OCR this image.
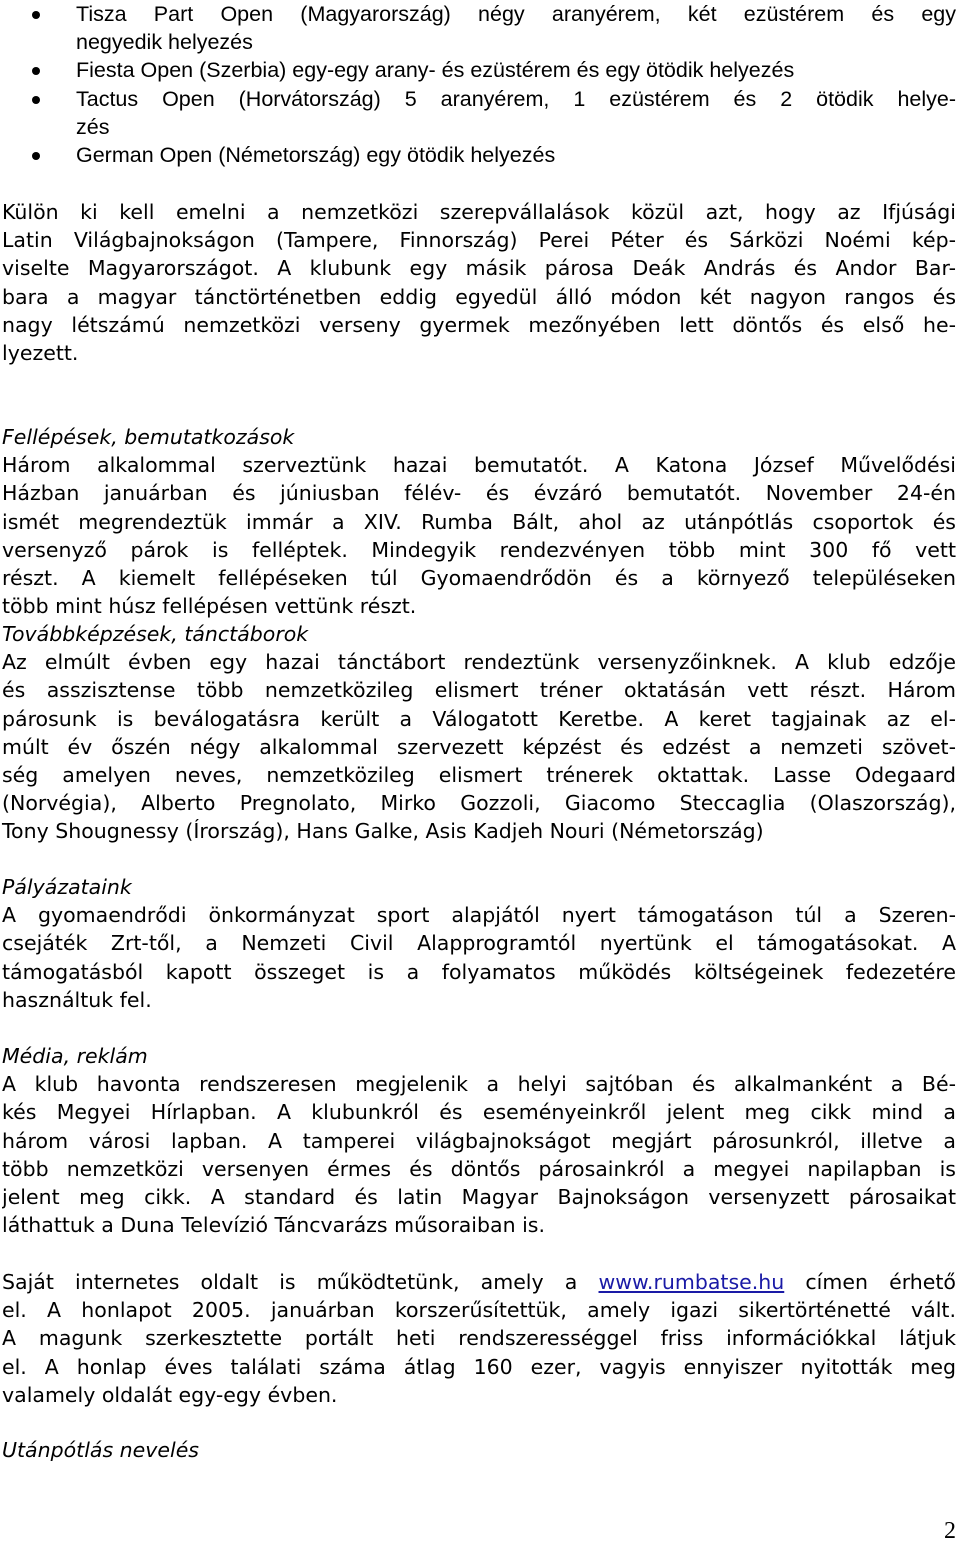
Tisza Part Open (Magyarország) négy aranyérem, két ezüstérem és egy
negyedik helyezés
Fiesta Open (Szerbia) egy-egy arany- és ezüstérem és egy ötödik helyezés
Tactus Open (Horvátország) 5 aranyérem, 1 ezüstérem és 2 ötödik helye-
zés
German Open (Németország) egy ötödik helyezés
Külön ki kell emelni a nemzetközi szerepvállalások közül azt, hogy az Ifjúsági
Latin Világbajnokságon (Tampere, Finnország) Perei Péter és Sárközi Noémi kép-
viselte Magyarországot. A klubunk egy másik párosa Deák András és Andor Bar-
bara a magyar tánctörténetben eddig egyedül álló módon két nagyon rangos és
nagy létszámú nemzetközi verseny gyermek mezőnyében lett döntős és első he-
lyezett.
Fellépések, bemutatkozások
Három alkalommal szerveztünk hazai bemutatót. A Katona József Művelődési
Házban januárban és júniusban félév- és évzáró bemutatót. November 24-én
ismét megrendeztük immár a XIV. Rumba Bált, ahol az utánpótlás csoportok és
versenyző párok is felléptek. Mindegyik rendezvényen több mint 300 fő vett
részt. A kiemelt fellépéseken túl Gyomaendrődön és a környező településeken
több mint húsz fellépésen vettünk részt.
Továbbképzések, tánctáborok
Az elmúlt évben egy hazai tánctábort rendeztünk versenyzőinknek. A klub edzője
és asszisztense több nemzetközileg elismert tréner oktatásán vett részt. Három
párosunk is beválogatásra került a Válogatott Keretbe. A keret tagjainak az el-
múlt év őszén négy alkalommal szervezett képzést és edzést a nemzeti szövet-
ség amelyen neves, nemzetközileg elismert trénerek oktattak. Lasse Odegaard
(Norvégia), Alberto Pregnolato, Mirko Gozzoli, Giacomo Steccaglia (Olaszország),
Tony Shougnessy (Írország), Hans Galke, Asis Kadjeh Nouri (Németország)
Pályázataink
A gyomaendrődi önkormányzat sport alapjától nyert támogatáson túl a Szeren-
csejáték Zrt-től, a Nemzeti Civil Alapprogramtól nyertünk el támogatásokat. A
támogatásból kapott összeget is a folyamatos működés költségeinek fedezetére
használtuk fel.
Média, reklám
A klub havonta rendszeresen megjelenik a helyi sajtóban és alkalmanként a Bé-
kés Megyei Hírlapban. A klubunkról és eseményeinkről jelent meg cikk mind a
három városi lapban. A tamperei világbajnokságot megjárt párosunkról, illetve a
több nemzetközi versenyen érmes és döntős párosainkról a megyei napilapban is
jelent meg cikk. A standard és latin Magyar Bajnokságon versenyzett párosaikat
láthattuk a Duna Televízió Táncvarázs műsoraiban is.
Saját internetes oldalt is működtetünk, amely a www.rumbatse.hu címen érhető
el. A honlapot 2005. januárban korszerűsítettük, amely igazi sikertörténetté vált.
A magunk szerkesztette portált heti rendszerességgel friss információkkal látjuk
el. A honlap éves találati száma átlag 160 ezer, vagyis ennyiszer nyitották meg
valamely oldalát egy-egy évben.
Utánpótlás nevelés
2
